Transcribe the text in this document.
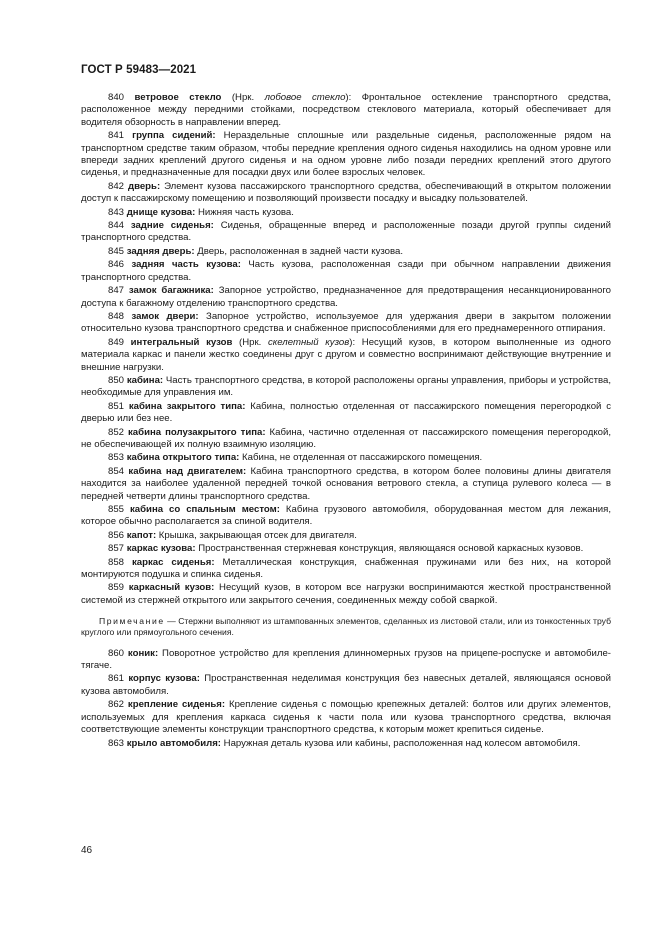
ГОСТ Р 59483—2021

840 ветровое стекло (Нрк. лобовое стекло): Фронтальное остекление транспортного средства, расположенное между передними стойками, посредством стеклового материала, который обеспечивает для водителя обзорность в направлении вперед.

841 группа сидений: Нераздельные сплошные или раздельные сиденья, расположенные рядом на транспортном средстве таким образом, чтобы передние крепления одного сиденья находились на одном уровне или впереди задних креплений другого сиденья и на одном уровне либо позади передних креплений этого другого сиденья, и предназначенные для посадки двух или более взрослых человек.

842 дверь: Элемент кузова пассажирского транспортного средства, обеспечивающий в открытом положении доступ к пассажирскому помещению и позволяющий произвести посадку и высадку пользователей.

843 днище кузова: Нижняя часть кузова.

844 задние сиденья: Сиденья, обращенные вперед и расположенные позади другой группы сидений транспортного средства.

845 задняя дверь: Дверь, расположенная в задней части кузова.

846 задняя часть кузова: Часть кузова, расположенная сзади при обычном направлении движения транспортного средства.

847 замок багажника: Запорное устройство, предназначенное для предотвращения несанкционированного доступа к багажному отделению транспортного средства.

848 замок двери: Запорное устройство, используемое для удержания двери в закрытом положении относительно кузова транспортного средства и снабженное приспособлениями для его преднамеренного отпирания.

849 интегральный кузов (Нрк. скелетный кузов): Несущий кузов, в котором выполненные из одного материала каркас и панели жестко соединены друг с другом и совместно воспринимают действующие внутренние и внешние нагрузки.

850 кабина: Часть транспортного средства, в которой расположены органы управления, приборы и устройства, необходимые для управления им.

851 кабина закрытого типа: Кабина, полностью отделенная от пассажирского помещения перегородкой с дверью или без нее.

852 кабина полузакрытого типа: Кабина, частично отделенная от пассажирского помещения перегородкой, не обеспечивающей их полную взаимную изоляцию.

853 кабина открытого типа: Кабина, не отделенная от пассажирского помещения.

854 кабина над двигателем: Кабина транспортного средства, в котором более половины длины двигателя находится за наиболее удаленной передней точкой основания ветрового стекла, а ступица рулевого колеса — в передней четверти длины транспортного средства.

855 кабина со спальным местом: Кабина грузового автомобиля, оборудованная местом для лежания, которое обычно располагается за спиной водителя.

856 капот: Крышка, закрывающая отсек для двигателя.

857 каркас кузова: Пространственная стержневая конструкция, являющаяся основой каркасных кузовов.

858 каркас сиденья: Металлическая конструкция, снабженная пружинами или без них, на которой монтируются подушка и спинка сиденья.

859 каркасный кузов: Несущий кузов, в котором все нагрузки воспринимаются жесткой пространственной системой из стержней открытого или закрытого сечения, соединенных между собой сваркой.

Примечание — Стержни выполняют из штампованных элементов, сделанных из листовой стали, или из тонкостенных труб круглого или прямоугольного сечения.

860 коник: Поворотное устройство для крепления длинномерных грузов на прицепе-роспуске и автомобиле-тягаче.

861 корпус кузова: Пространственная неделимая конструкция без навесных деталей, являющаяся основой кузова автомобиля.

862 крепление сиденья: Крепление сиденья с помощью крепежных деталей: болтов или других элементов, используемых для крепления каркаса сиденья к части пола или кузова транспортного средства, включая соответствующие элементы конструкции транспортного средства, к которым может крепиться сиденье.

863 крыло автомобиля: Наружная деталь кузова или кабины, расположенная над колесом автомобиля.

46
